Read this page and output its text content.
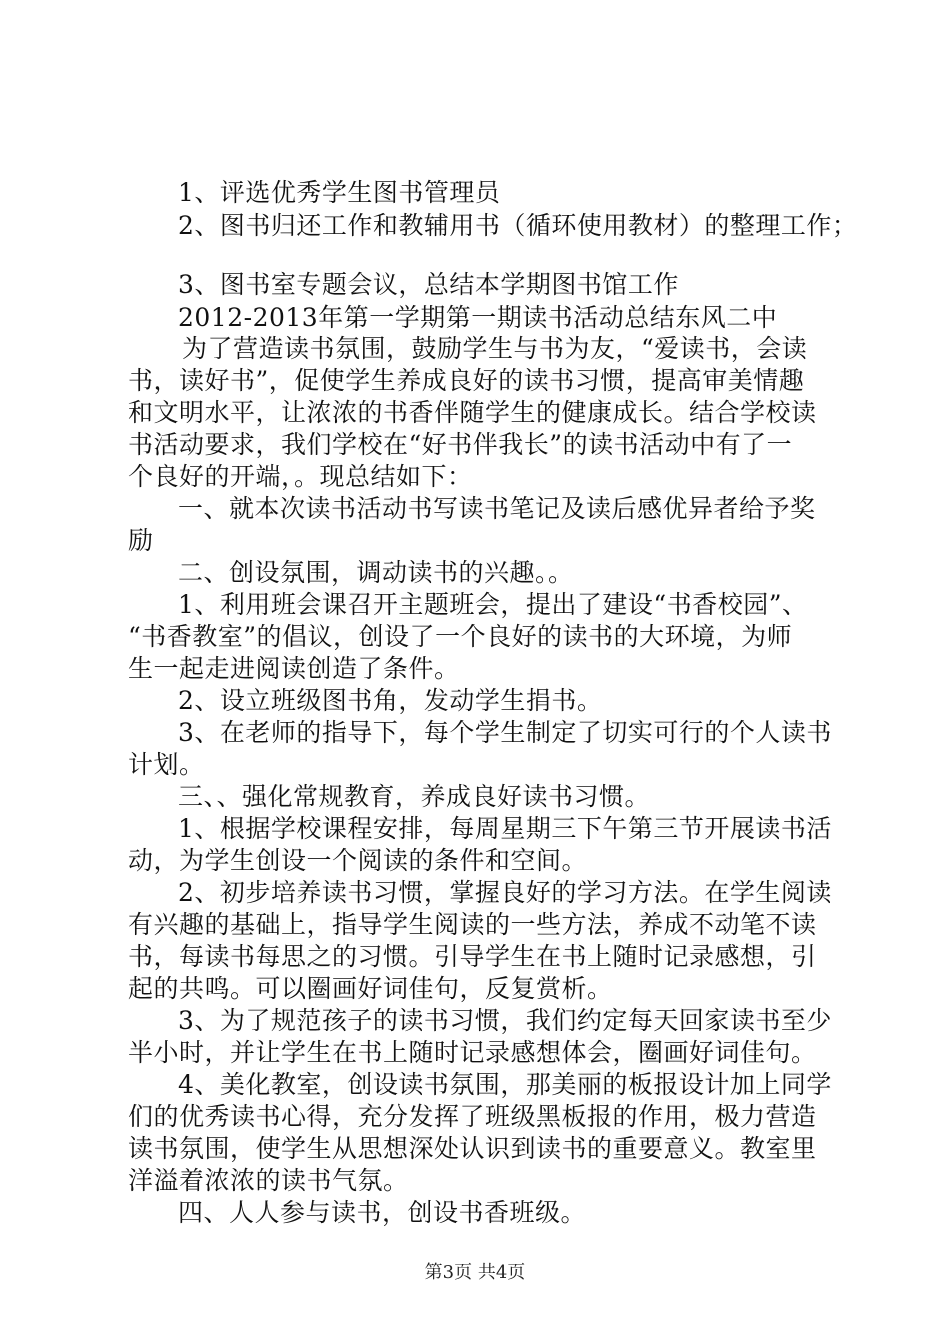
1、评选优秀学生图书管理员
2、图书归还工作和教辅用书（循环使用教材）的整理工作；
3、图书室专题会议，总结本学期图书馆工作
2012-2013年第一学期第一期读书活动总结东风二中
为了营造读书氛围，鼓励学生与书为友，“爱读书，会读
书，读好书”，促使学生养成良好的读书习惯，提高审美情趣
和文明水平，让浓浓的书香伴随学生的健康成长。结合学校读
书活动要求，我们学校在“好书伴我长”的读书活动中有了一
个良好的开端，。现总结如下：
一、就本次读书活动书写读书笔记及读后感优异者给予奖
励
二、创设氛围，调动读书的兴趣。。
1、利用班会课召开主题班会，提出了建设“书香校园”、
“书香教室”的倡议，创设了一个良好的读书的大环境，为师
生一起走进阅读创造了条件。
2、设立班级图书角，发动学生捐书。
3、在老师的指导下，每个学生制定了切实可行的个人读书
计划。
三、、强化常规教育，养成良好读书习惯。
1、根据学校课程安排，每周星期三下午第三节开展读书活
动，为学生创设一个阅读的条件和空间。
2、初步培养读书习惯，掌握良好的学习方法。在学生阅读
有兴趣的基础上，指导学生阅读的一些方法，养成不动笔不读
书，每读书每思之的习惯。引导学生在书上随时记录感想，引
起的共鸣。可以圈画好词佳句，反复赏析。
3、为了规范孩子的读书习惯，我们约定每天回家读书至少
半小时，并让学生在书上随时记录感想体会，圈画好词佳句。
4、美化教室，创设读书氛围，那美丽的板报设计加上同学
们的优秀读书心得，充分发挥了班级黑板报的作用，极力营造
读书氛围，使学生从思想深处认识到读书的重要意义。教室里
洋溢着浓浓的读书气氛。
四、人人参与读书，创设书香班级。
第3页 共4页
